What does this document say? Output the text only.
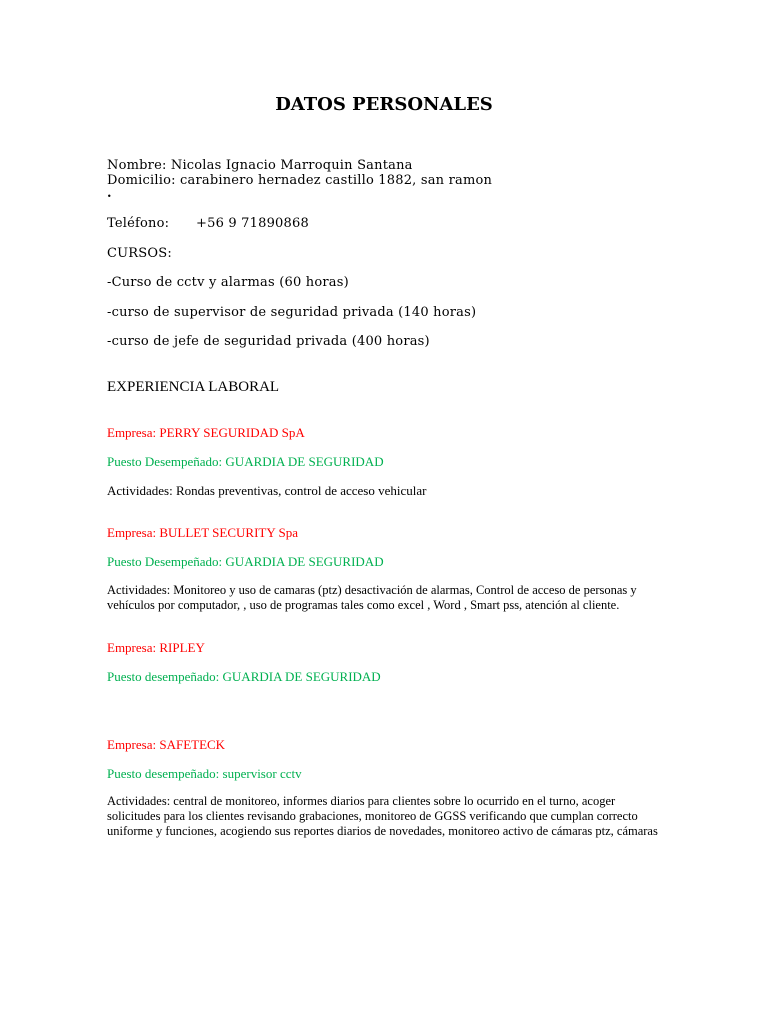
DATOS PERSONALES
Nombre: Nicolas Ignacio Marroquin Santana
Domicilio: carabinero hernadez castillo 1882, san ramon
.
Teléfono: +56 9 71890868
CURSOS:
-Curso de cctv y alarmas (60 horas)
-curso de supervisor de seguridad privada (140 horas)
-curso de jefe de seguridad privada (400 horas)
EXPERIENCIA LABORAL
Empresa: PERRY SEGURIDAD SpA
Puesto Desempeñado: GUARDIA DE SEGURIDAD
Actividades: Rondas preventivas, control de acceso vehicular
Empresa: BULLET SECURITY Spa
Puesto Desempeñado: GUARDIA DE SEGURIDAD
Actividades: Monitoreo y uso de camaras (ptz) desactivación de alarmas, Control de acceso de personas y vehículos por computador, , uso de programas tales como excel , Word , Smart pss, atención al cliente.
Empresa: RIPLEY
Puesto desempeñado: GUARDIA DE SEGURIDAD
Empresa: SAFETECK
Puesto desempeñado: supervisor cctv
Actividades: central de monitoreo, informes diarios para clientes sobre lo ocurrido en el turno, acoger solicitudes para los clientes revisando grabaciones, monitoreo de GGSS verificando que cumplan correcto uniforme y funciones, acogiendo sus reportes diarios de novedades, monitoreo activo de cámaras ptz, cámaras
